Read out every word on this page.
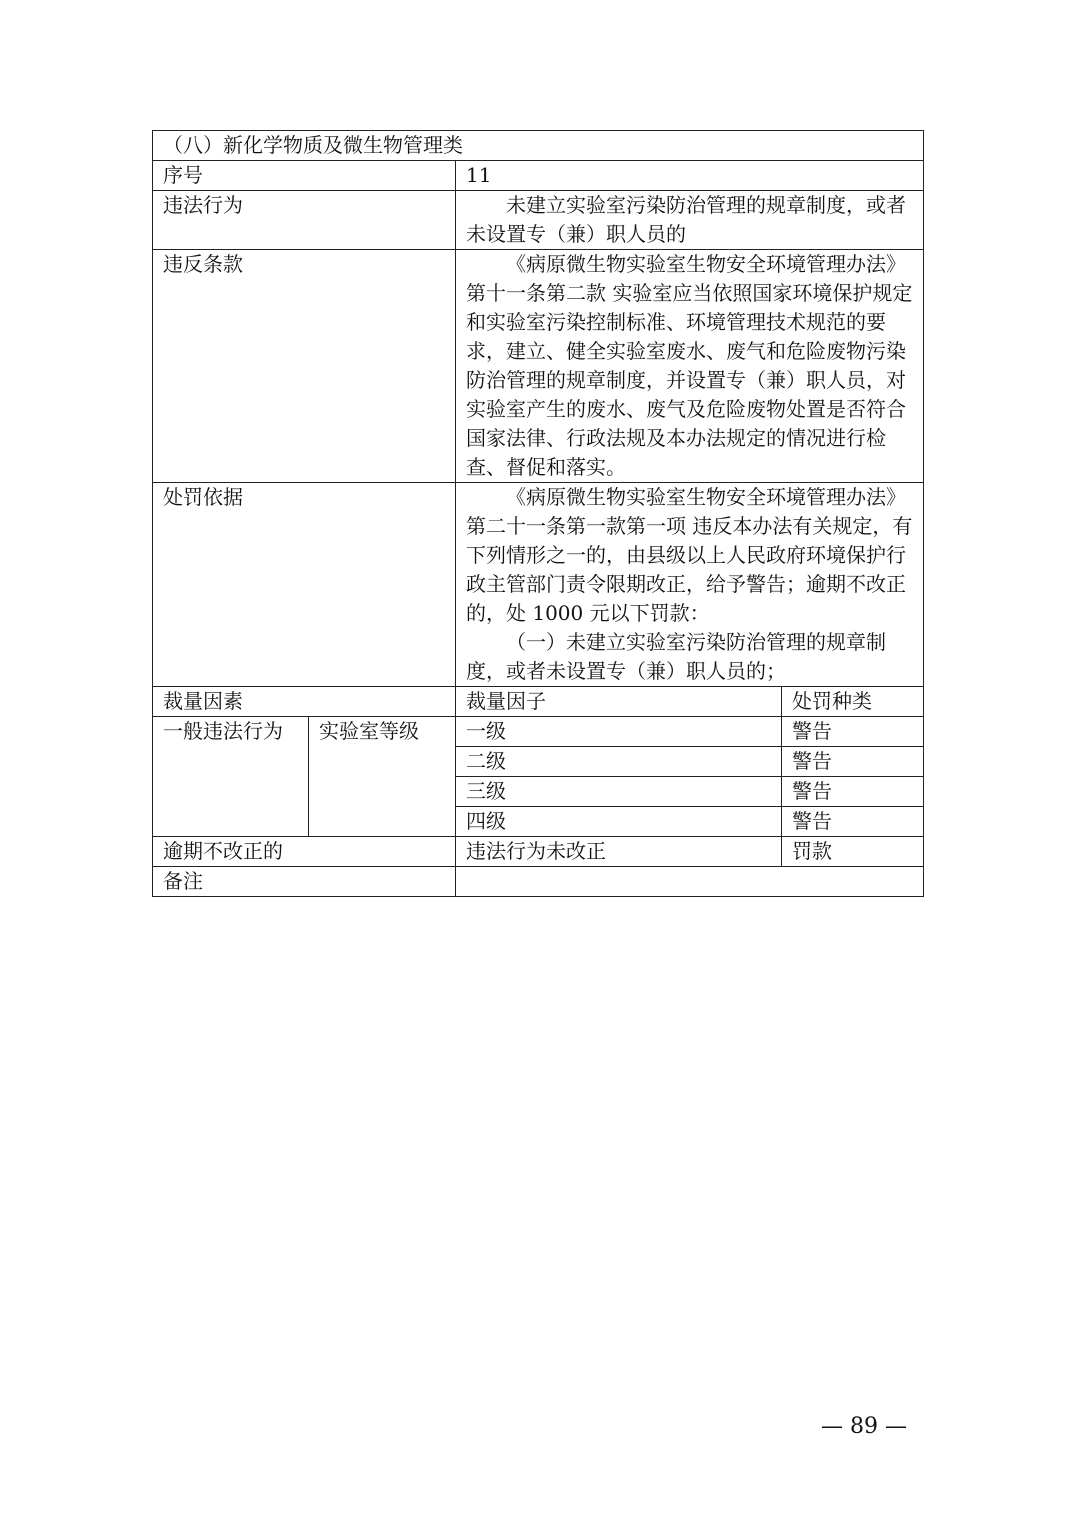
（八）新化学物质及微生物管理类			
序号		11	
违法行为		未建立实验室污染防治管理的规章制度，或者未设置专（兼）职人员的	

违反条款		《病原微生物实验室生物安全环境管理办法》第十一条第二款 实验室应当依照国家环境保护规定和实验室污染控制标准、环境管理技术规范的要求，建立、健全实验室废水、废气和危险废物污染防治管理的规章制度，并设置专（兼）职人员，对实验室产生的废水、废气及危险废物处置是否符合国家法律、行政法规及本办法规定的情况进行检查、督促和落实。	

处罚依据		《病原微生物实验室生物安全环境管理办法》第二十一条第一款第一项 违反本办法有关规定，有下列情形之一的，由县级以上人民政府环境保护行政主管部门责令限期改正，给予警告；逾期不改正的，处 1000 元以下罚款：

（一）未建立实验室污染防治管理的规章制度，或者未设置专（兼）职人员的；	

裁量因素		裁量因子	处罚种类
一般违法行为	实验室等级	一级	警告
		二级	警告
		三级	警告
		四级	警告
逾期不改正的		违法行为未改正	罚款
备注			
— 89 —
